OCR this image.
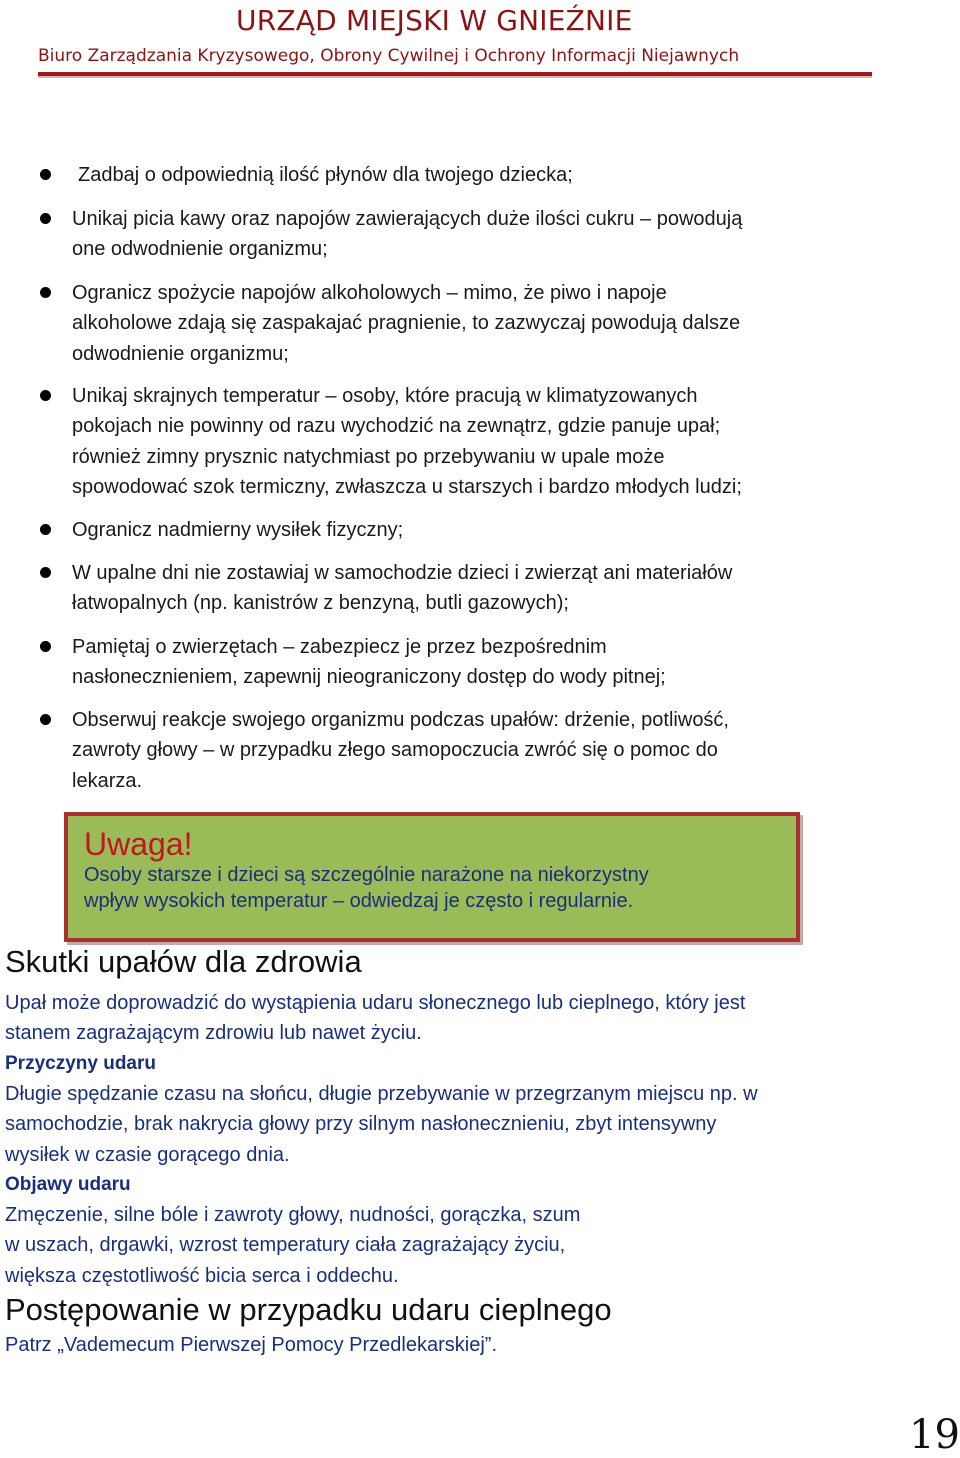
URZĄD MIEJSKI W GNIEŹNIE
Biuro Zarządzania Kryzysowego, Obrony Cywilnej i Ochrony Informacji Niejawnych
Zadbaj o odpowiednią ilość płynów dla twojego dziecka;
Unikaj picia kawy oraz napojów zawierających duże ilości cukru – powodują
one odwodnienie organizmu;
Ogranicz spożycie napojów alkoholowych – mimo, że piwo i napoje
alkoholowe zdają się zaspakajać pragnienie, to zazwyczaj powodują dalsze
odwodnienie organizmu;
Unikaj skrajnych temperatur – osoby, które pracują w klimatyzowanych
pokojach nie powinny od razu wychodzić na zewnątrz, gdzie panuje upał;
również zimny prysznic natychmiast po przebywaniu w upale może
spowodować szok termiczny, zwłaszcza u starszych i bardzo młodych ludzi;
Ogranicz nadmierny wysiłek fizyczny;
W upalne dni nie zostawiaj w samochodzie dzieci i zwierząt ani materiałów
łatwopalnych (np. kanistrów z benzyną, butli gazowych);
Pamiętaj o zwierzętach – zabezpiecz je przez bezpośrednim
nasłonecznieniem, zapewnij nieograniczony dostęp do wody pitnej;
Obserwuj reakcje swojego organizmu podczas upałów: drżenie, potliwość,
zawroty głowy – w przypadku złego samopoczucia zwróć się o pomoc do
lekarza.
Uwaga!
Osoby starsze i dzieci są szczególnie narażone na niekorzystny
wpływ wysokich temperatur – odwiedzaj je często i regularnie.
Skutki upałów dla zdrowia
Upał może doprowadzić do wystąpienia udaru słonecznego lub cieplnego, który jest
stanem zagrażającym zdrowiu lub nawet życiu.
Przyczyny udaru
Długie spędzanie czasu na słońcu, długie przebywanie w przegrzanym miejscu np. w
samochodzie, brak nakrycia głowy przy silnym nasłonecznieniu, zbyt intensywny
wysiłek w czasie gorącego dnia.
Objawy udaru
Zmęczenie, silne bóle i zawroty głowy, nudności, gorączka, szum
w uszach, drgawki, wzrost temperatury ciała zagrażający życiu,
większa częstotliwość bicia serca i oddechu.
Postępowanie w przypadku udaru cieplnego
Patrz „Vademecum Pierwszej Pomocy Przedlekarskiej”.
19
